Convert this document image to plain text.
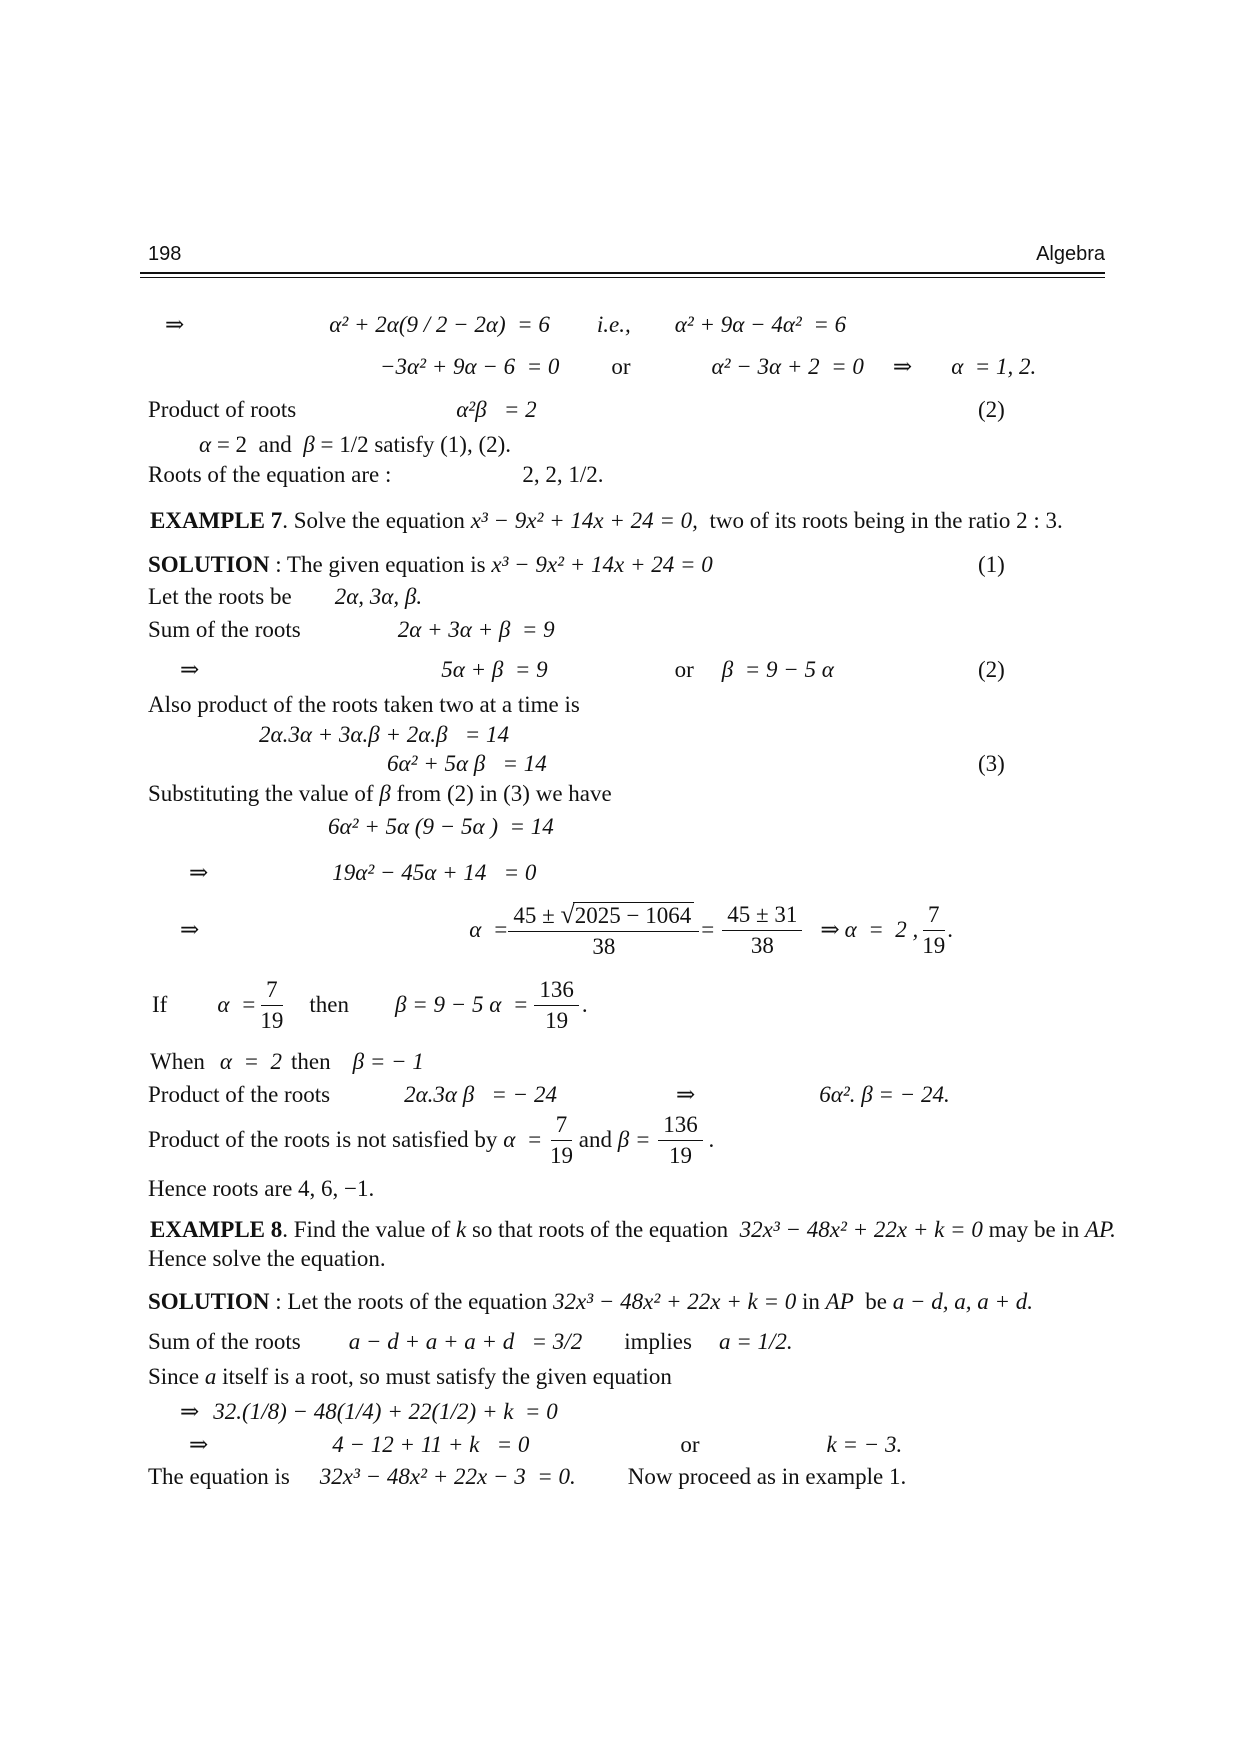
198	Algebra
⇒	α² + 2α(9 / 2 − 2α)  = 6 i.e., α² + 9α − 4α²  = 6
−3α² + 9α − 6  = 0 or	α² − 3α + 2  = 0 ⇒ α  = 1, 2.
Product of roots	α²β   = 2	(2)
α = 2  and β = 1/2 satisfy (1), (2).
Roots of the equation are :	2, 2, 1/2.
EXAMPLE 7 . Solve the equation x³ − 9x² + 14x + 24 = 0, two of its roots being in the ratio 2 : 3.
SOLUTION : The given equation is x³ − 9x² + 14x + 24 = 0	(1)
Let the roots be 2α, 3α, β.
Sum of the roots	2α + 3α + β  = 9
⇒	5α + β  = 9	or β  = 9 − 5 α	(2)
Also product of the roots taken two at a time is
2α.3α + 3α.β + 2α.β   = 14
6α² + 5α β   = 14	(3)
Substituting the value of β from (2) in (3) we have
6α² + 5α (9 − 5α )  = 14
⇒	19α² − 45α + 14   = 0
⇒	$\alpha = \frac{45 \pm √ 2025 - 1064}{38} = \frac{45 \pm 31}{38}$ ⇒ α  =  2 , $\frac{7}{19}$ .
If $\alpha = \frac{7}{19}$ then β = 9 − 5 $\alpha = \frac{136}{19}$ .
When α  =  2 then β = − 1
Product of the roots	2α.3α β   = − 24	⇒	6α². β = − 24.
Product of the roots is not satisfied by $\alpha = \frac{7}{19}$ and $\beta = \frac{136}{19}$ .
Hence roots are 4, 6, −1.
EXAMPLE 8 . Find the value of k so that roots of the equation 32x³ − 48x² + 22x + k = 0 may be in AP.
Hence solve the equation.
SOLUTION : Let the roots of the equation 32x³ − 48x² + 22x + k = 0 in AP be a − d, a, a + d.
Sum of the roots a − d + a + a + d   = 3/2 implies a = 1/2.
Since a itself is a root, so must satisfy the given equation
⇒ 32.(1/8) − 48(1/4) + 22(1/2) + k  = 0
⇒	4 − 12 + 11 + k   = 0	or	k = − 3.
The equation is 32x³ − 48x² + 22x − 3  = 0. Now proceed as in example 1.
